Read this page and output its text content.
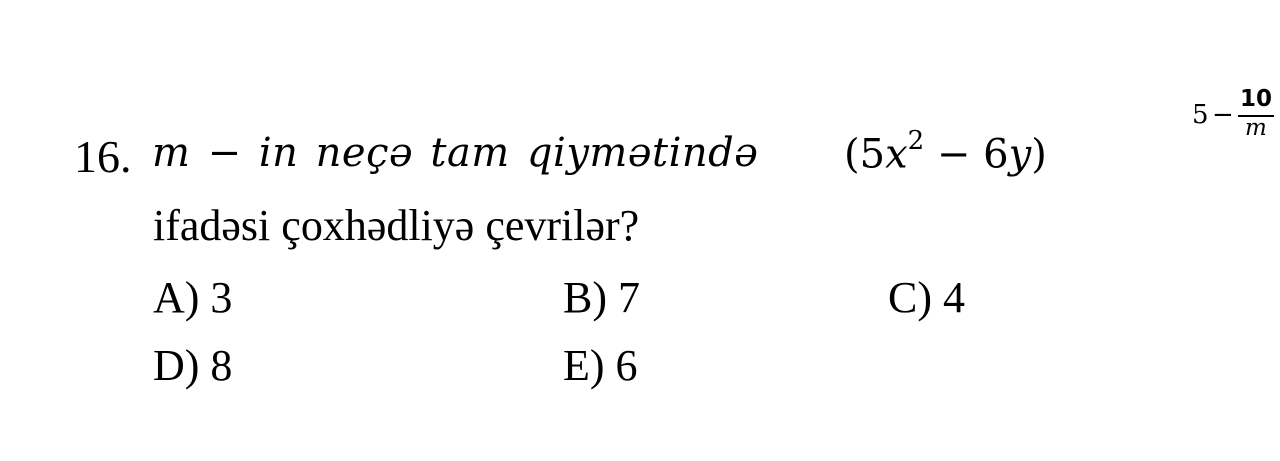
16. m − in neçə tam qiymətində $(5x^2 - 6y)$
5 −
10
m
ifadəsi çoxhədliyə çevrilər?
A) 3	B) 7	C) 4
D) 8	E) 6
